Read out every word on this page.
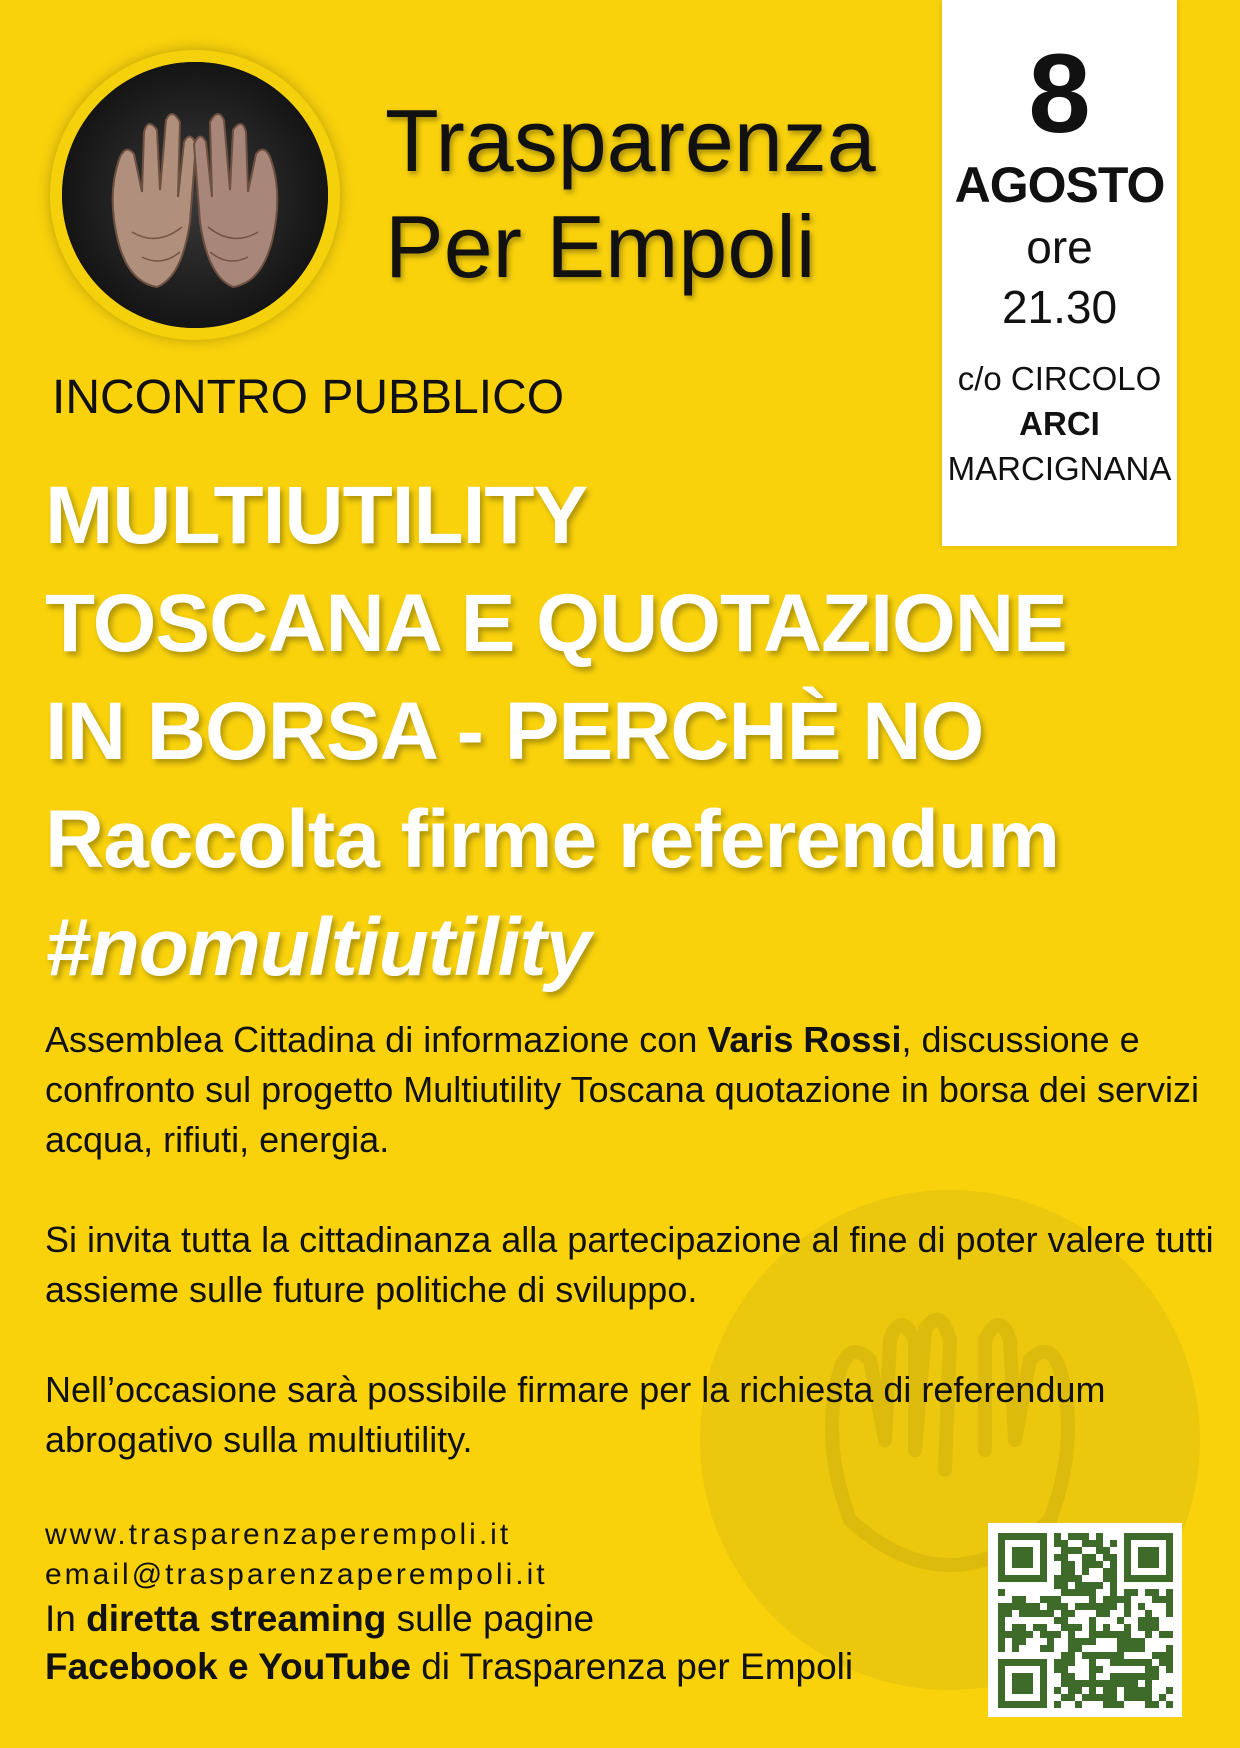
Trasparenza
Per Empoli
8
AGOSTO
ore
21.30
c/o CIRCOLO
ARCI
MARCIGNANA
INCONTRO PUBBLICO
MULTIUTILITY
TOSCANA E QUOTAZIONE
IN BORSA - PERCHÈ NO
Raccolta firme referendum
#nomultiutility

Assemblea Cittadina di informazione con Varis Rossi, discussione e confronto sul progetto Multiutility Toscana quotazione in borsa dei servizi acqua, rifiuti, energia.

Si invita tutta la cittadinanza alla partecipazione al fine di poter valere tutti assieme sulle future politiche di sviluppo.

Nell’occasione sarà possibile firmare per la richiesta di referendum abrogativo sulla multiutility.

www.trasparenzaperempoli.it
email@trasparenzaperempoli.it
In diretta streaming sulle pagine
Facebook e YouTube di Trasparenza per Empoli
